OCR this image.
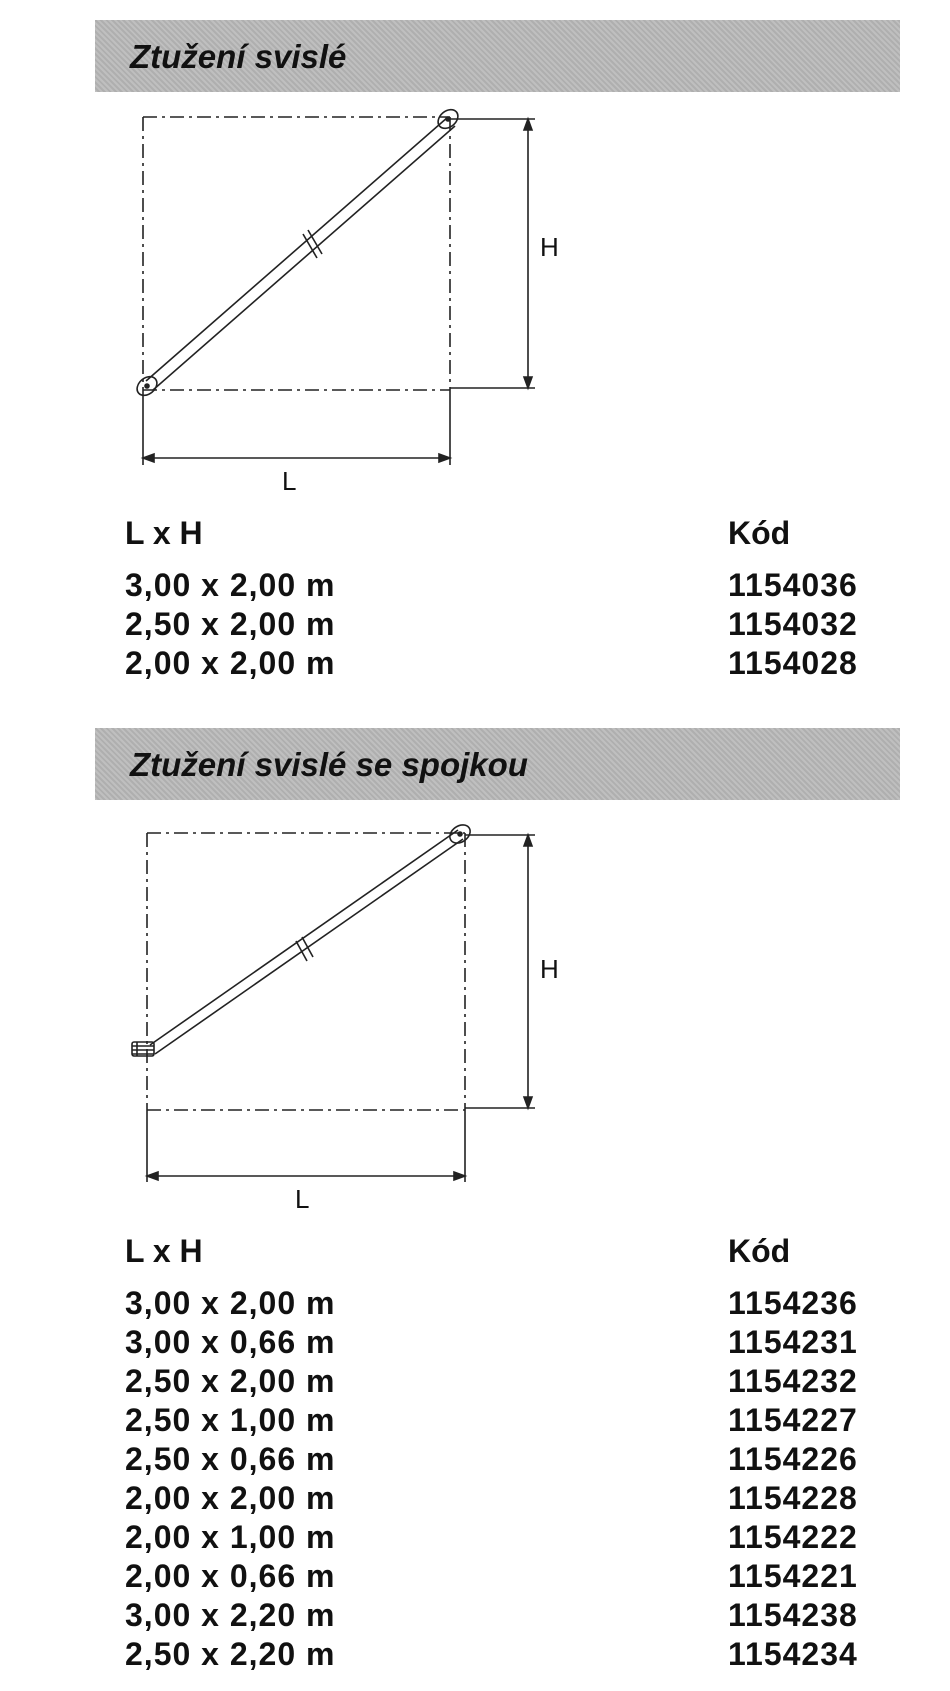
Ztužení svislé
H
L
L x H	Kód
3,00 x 2,00 m	1154036
2,50 x 2,00 m	1154032
2,00 x 2,00 m	1154028
Ztužení svislé se spojkou
H
L
L x H	Kód
3,00 x 2,00 m	1154236
3,00 x 0,66 m	1154231
2,50 x 2,00 m	1154232
2,50 x 1,00 m	1154227
2,50 x 0,66 m	1154226
2,00 x 2,00 m	1154228
2,00 x 1,00 m	1154222
2,00 x 0,66 m	1154221
3,00 x 2,20 m	1154238
2,50 x 2,20 m	1154234
